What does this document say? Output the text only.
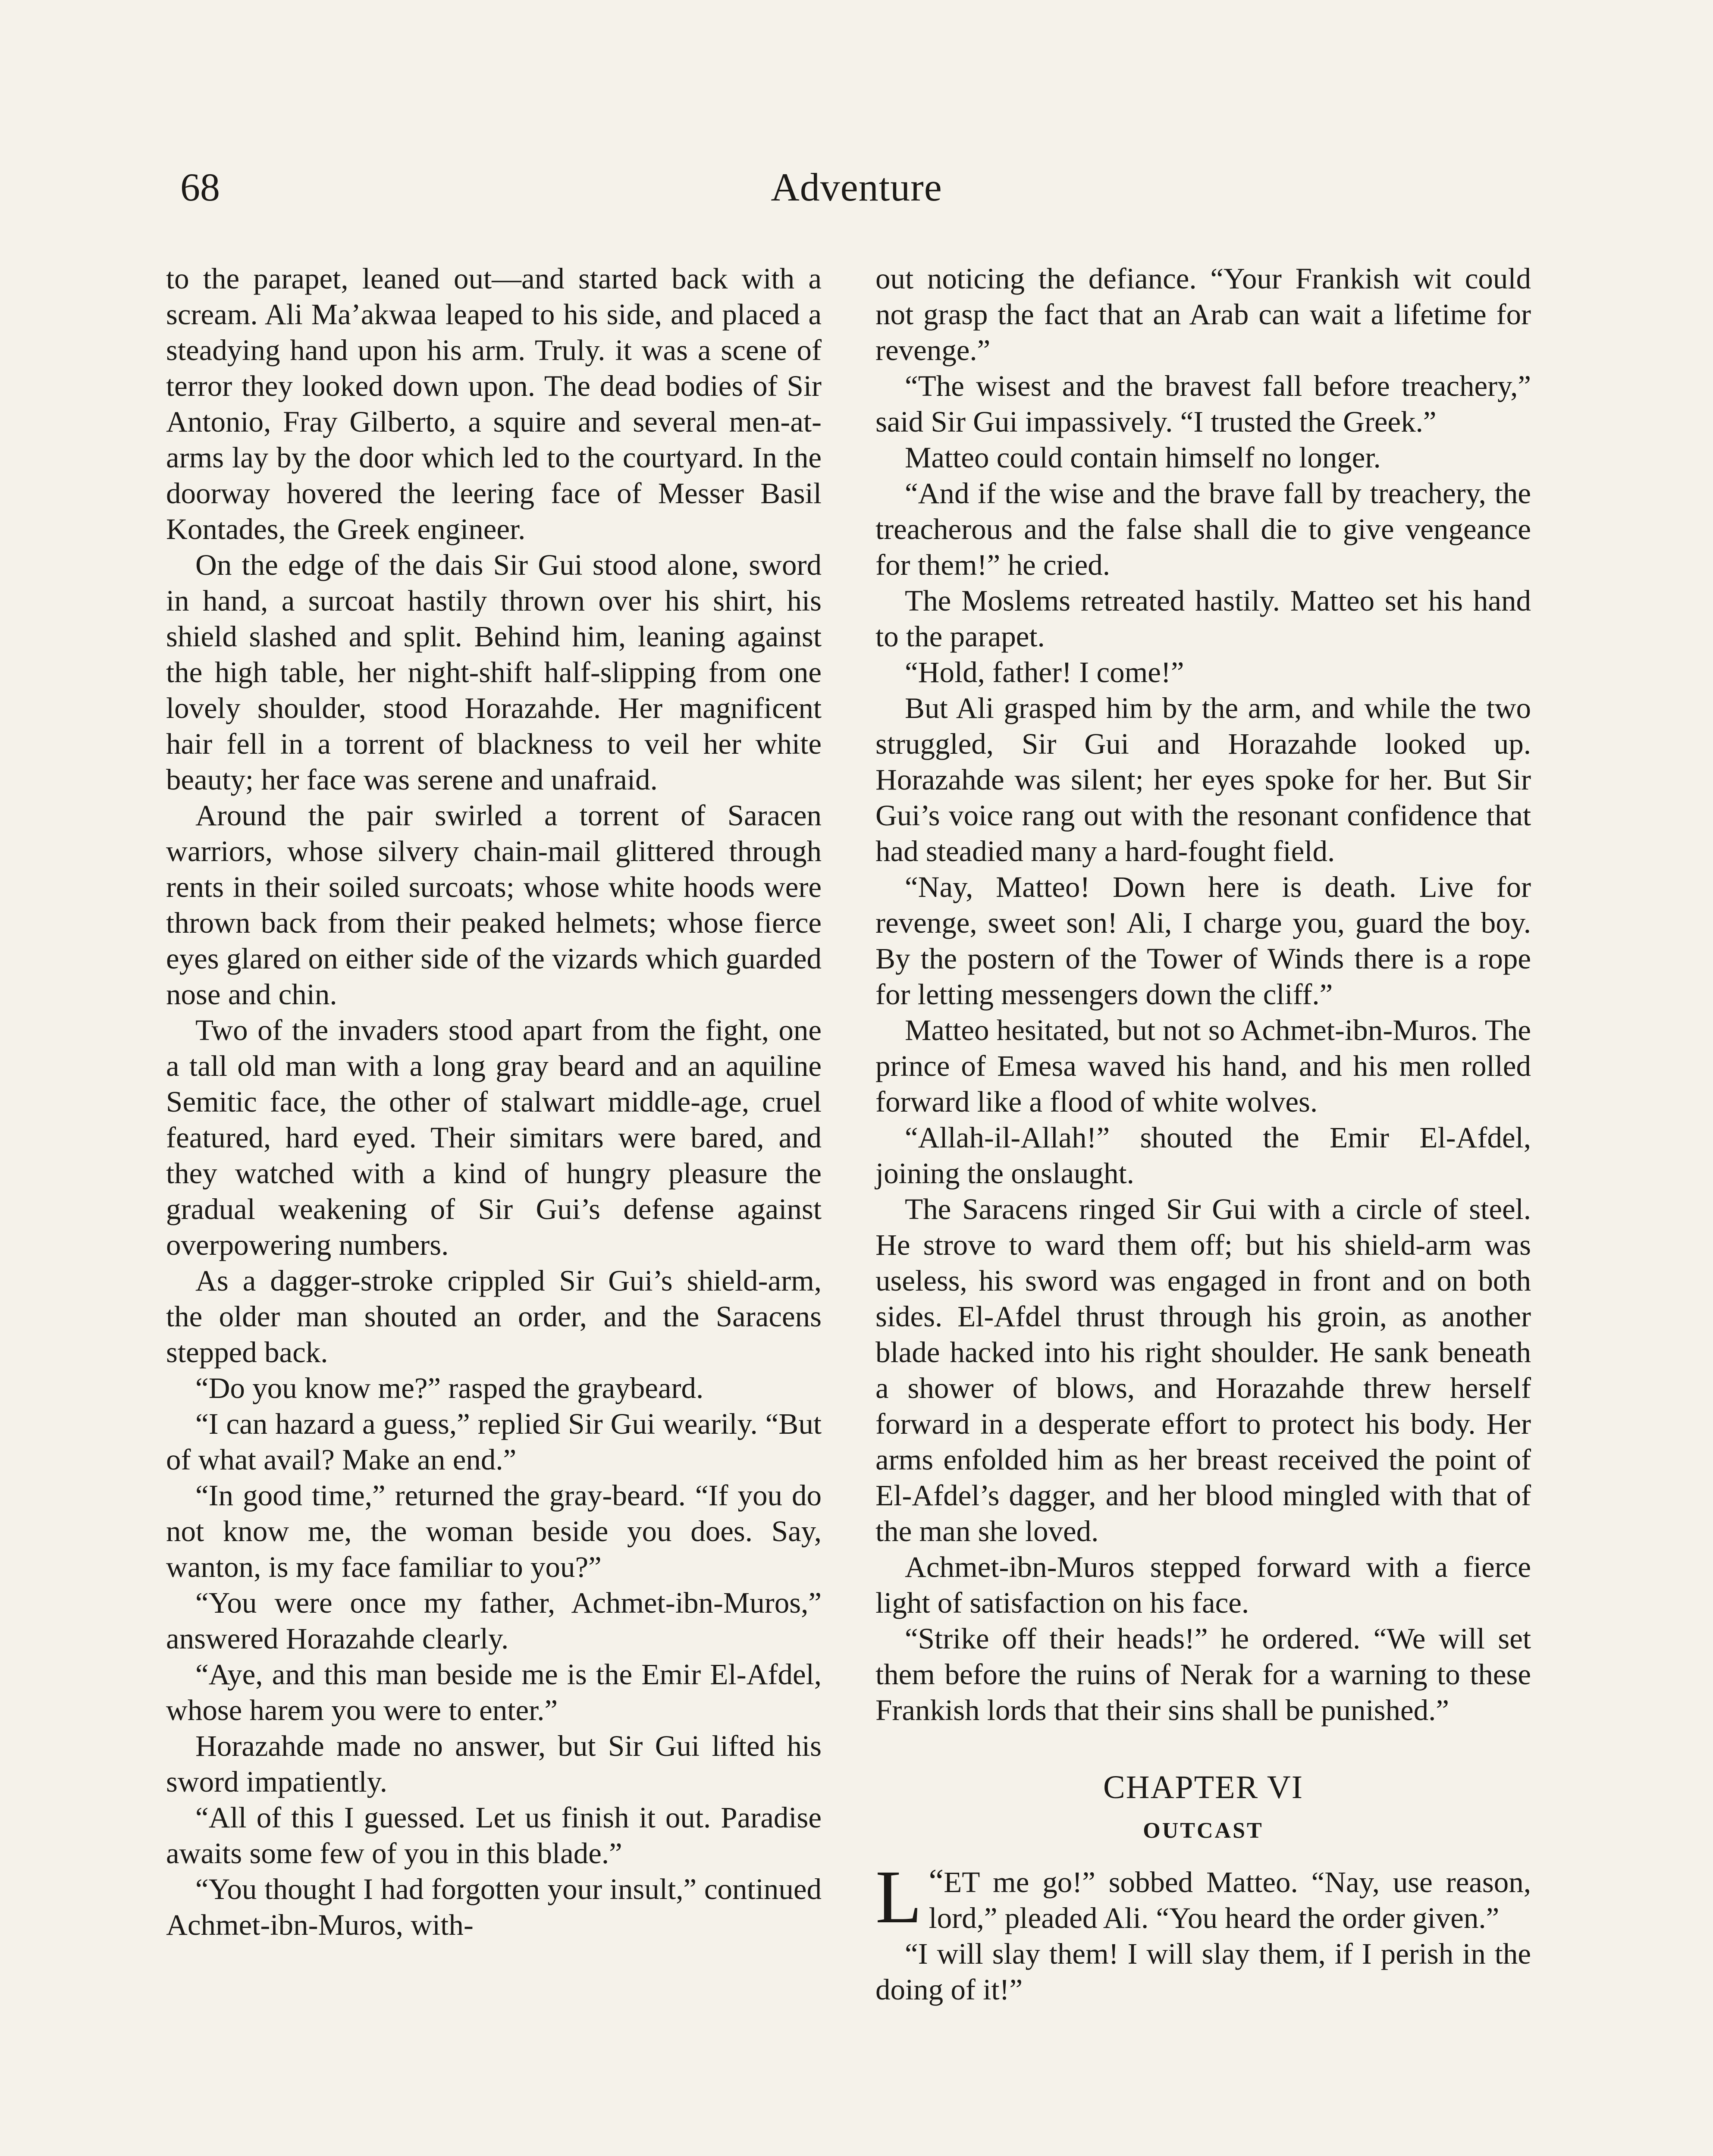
68	Adventure

to the parapet, leaned out—and started back with a scream. Ali Ma’akwaa leaped to his side, and placed a steadying hand upon his arm. Truly. it was a scene of terror they looked down upon. The dead bodies of Sir Antonio, Fray Gilberto, a squire and several men-at-arms lay by the door which led to the courtyard. In the doorway hovered the leering face of Messer Basil Kontades, the Greek engineer.

On the edge of the dais Sir Gui stood alone, sword in hand, a surcoat hastily thrown over his shirt, his shield slashed and split. Behind him, leaning against the high table, her night-shift half-slipping from one lovely shoulder, stood Horazahde. Her magnificent hair fell in a torrent of blackness to veil her white beauty; her face was serene and unafraid.

Around the pair swirled a torrent of Saracen warriors, whose silvery chain-mail glittered through rents in their soiled surcoats; whose white hoods were thrown back from their peaked helmets; whose fierce eyes glared on either side of the vizards which guarded nose and chin.

Two of the invaders stood apart from the fight, one a tall old man with a long gray beard and an aquiline Semitic face, the other of stalwart middle-age, cruel featured, hard eyed. Their simitars were bared, and they watched with a kind of hungry pleasure the gradual weakening of Sir Gui’s defense against overpowering numbers.

As a dagger-stroke crippled Sir Gui’s shield-arm, the older man shouted an order, and the Saracens stepped back.

“Do you know me?” rasped the graybeard.

“I can hazard a guess,” replied Sir Gui wearily. “But of what avail? Make an end.”

“In good time,” returned the gray-beard. “If you do not know me, the woman beside you does. Say, wanton, is my face familiar to you?”

“You were once my father, Achmet-ibn-Muros,” answered Horazahde clearly.

“Aye, and this man beside me is the Emir El-Afdel, whose harem you were to enter.”

Horazahde made no answer, but Sir Gui lifted his sword impatiently.

“All of this I guessed. Let us finish it out. Paradise awaits some few of you in this blade.”

“You thought I had forgotten your insult,” continued Achmet-ibn-Muros, with-

out noticing the defiance. “Your Frankish wit could not grasp the fact that an Arab can wait a lifetime for revenge.”

“The wisest and the bravest fall before treachery,” said Sir Gui impassively. “I trusted the Greek.”

Matteo could contain himself no longer.

“And if the wise and the brave fall by treachery, the treacherous and the false shall die to give vengeance for them!” he cried.

The Moslems retreated hastily. Matteo set his hand to the parapet.

“Hold, father! I come!”

But Ali grasped him by the arm, and while the two struggled, Sir Gui and Horazahde looked up. Horazahde was silent; her eyes spoke for her. But Sir Gui’s voice rang out with the resonant confidence that had steadied many a hard-fought field.

“Nay, Matteo! Down here is death. Live for revenge, sweet son! Ali, I charge you, guard the boy. By the postern of the Tower of Winds there is a rope for letting messengers down the cliff.”

Matteo hesitated, but not so Achmet-ibn-Muros. The prince of Emesa waved his hand, and his men rolled forward like a flood of white wolves.

“Allah-il-Allah!” shouted the Emir El-Afdel, joining the onslaught.

The Saracens ringed Sir Gui with a circle of steel. He strove to ward them off; but his shield-arm was useless, his sword was engaged in front and on both sides. El-Afdel thrust through his groin, as another blade hacked into his right shoulder. He sank beneath a shower of blows, and Horazahde threw herself forward in a desperate effort to protect his body. Her arms enfolded him as her breast received the point of El-Afdel’s dagger, and her blood mingled with that of the man she loved.

Achmet-ibn-Muros stepped forward with a fierce light of satisfaction on his face.

“Strike off their heads!” he ordered. “We will set them before the ruins of Nerak for a warning to these Frankish lords that their sins shall be punished.”

CHAPTER VI
OUTCAST

“
L ET me go!” sobbed Matteo. “Nay, use reason, lord,” pleaded Ali. “You heard the order given.”

“I will slay them! I will slay them, if I perish in the doing of it!”
